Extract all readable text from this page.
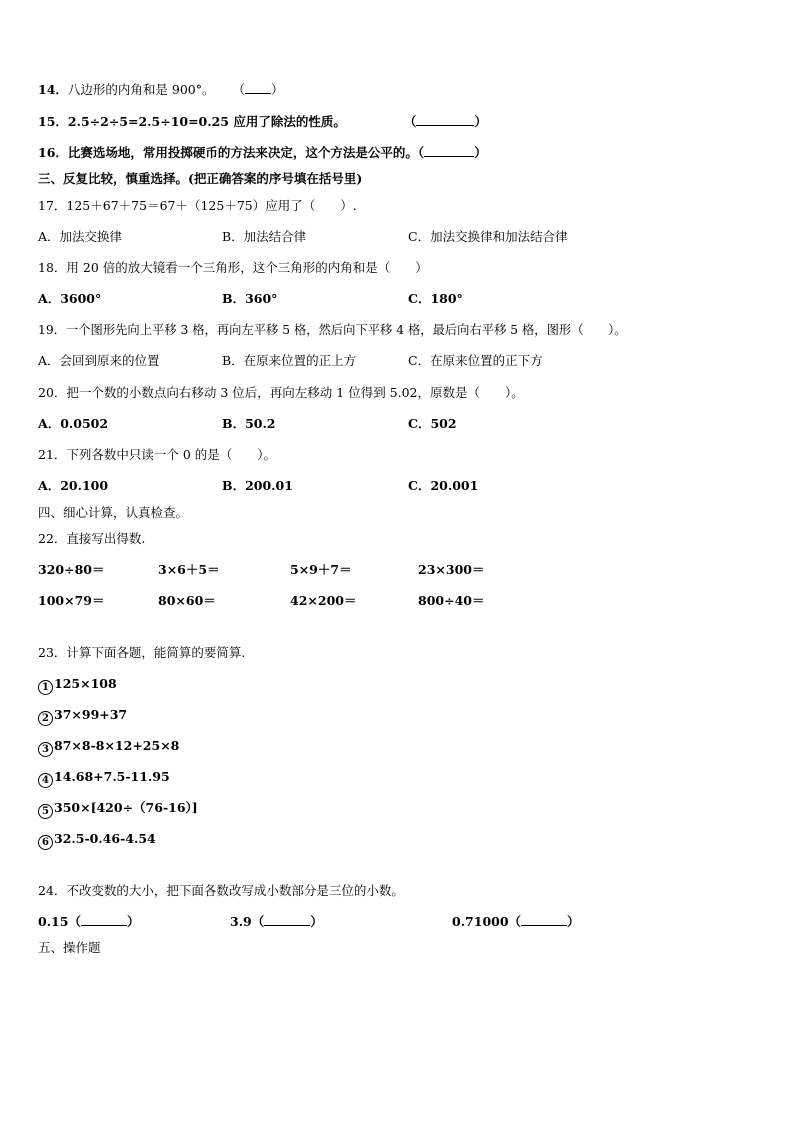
14．八边形的内角和是 900°。 （ ）
15．2.5÷2÷5=2.5÷10=0.25 应用了除法的性质。	（	）
16．比赛选场地，常用投掷硬币的方法来决定，这个方法是公平的。（	）
三、反复比较，慎重选择。(把正确答案的序号填在括号里)
17．125＋67＋75＝67＋（125＋75）应用了（　　）.
A．加法交换律	B．加法结合律	C．加法交换律和加法结合律
18．用 20 倍的放大镜看一个三角形，这个三角形的内角和是（　　）
A．3600°	B．360°	C．180°
19．一个图形先向上平移 3 格，再向左平移 5 格，然后向下平移 4 格，最后向右平移 5 格，图形（　　）。
A．会回到原来的位置	B．在原来位置的正上方	C．在原来位置的正下方
20．把一个数的小数点向右移动 3 位后，再向左移动 1 位得到 5.02，原数是（　　）。
A．0.0502	B．50.2	C．502
21．下列各数中只读一个 0 的是（　　）。
A．20.100	B．200.01	C．20.001
四、细心计算，认真检查。
22．直接写出得数.
320÷80＝	3×6＋5＝	5×9＋7＝	23×300＝
100×79＝	80×60＝	42×200＝	800÷40＝
23．计算下面各题，能简算的要简算.
1 125×108
2 37×99+37
3 87×8-8×12+25×8
4 14.68+7.5-11.95
5 350×[420÷（76-16）]
6 32.5-0.46-4.54
24．不改变数的大小，把下面各数改写成小数部分是三位的小数。
0.15（	）	3.9（	）	0.71000（	）
五、操作题
